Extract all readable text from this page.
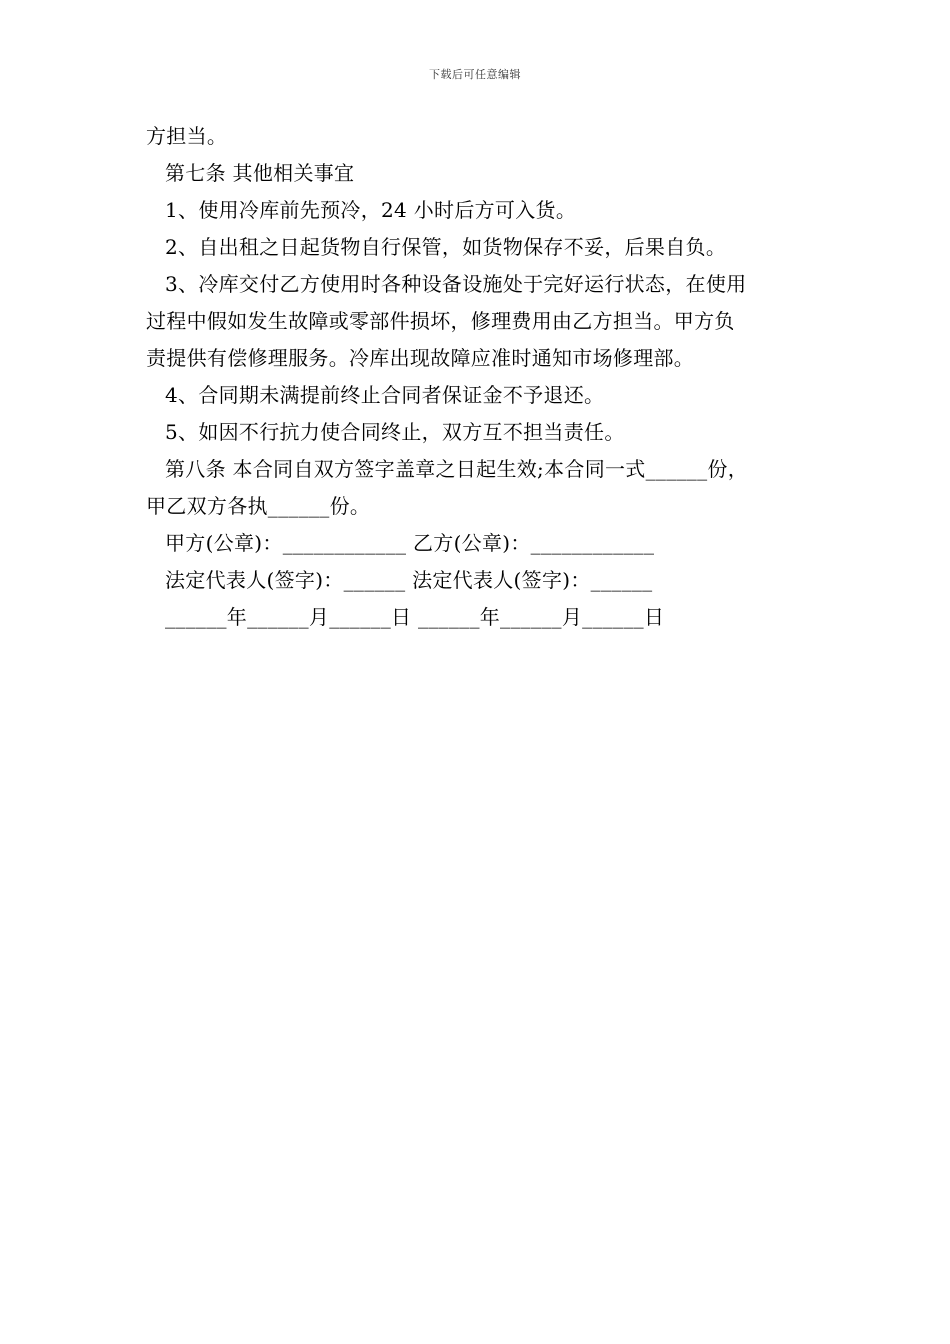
下载后可任意编辑
方担当。
第七条 其他相关事宜
1、使用冷库前先预冷，24 小时后方可入货。
2、自出租之日起货物自行保管，如货物保存不妥，后果自负。
3、冷库交付乙方使用时各种设备设施处于完好运行状态，在使用
过程中假如发生故障或零部件损坏，修理费用由乙方担当。甲方负
责提供有偿修理服务。冷库出现故障应准时通知市场修理部。
4、合同期未满提前终止合同者保证金不予退还。
5、如因不行抗力使合同终止，双方互不担当责任。
第八条 本合同自双方签字盖章之日起生效;本合同一式______份，
甲乙双方各执______份。
甲方(公章)：____________ 乙方(公章)：____________
法定代表人(签字)：______ 法定代表人(签字)：______
______年______月______日 ______年______月______日
